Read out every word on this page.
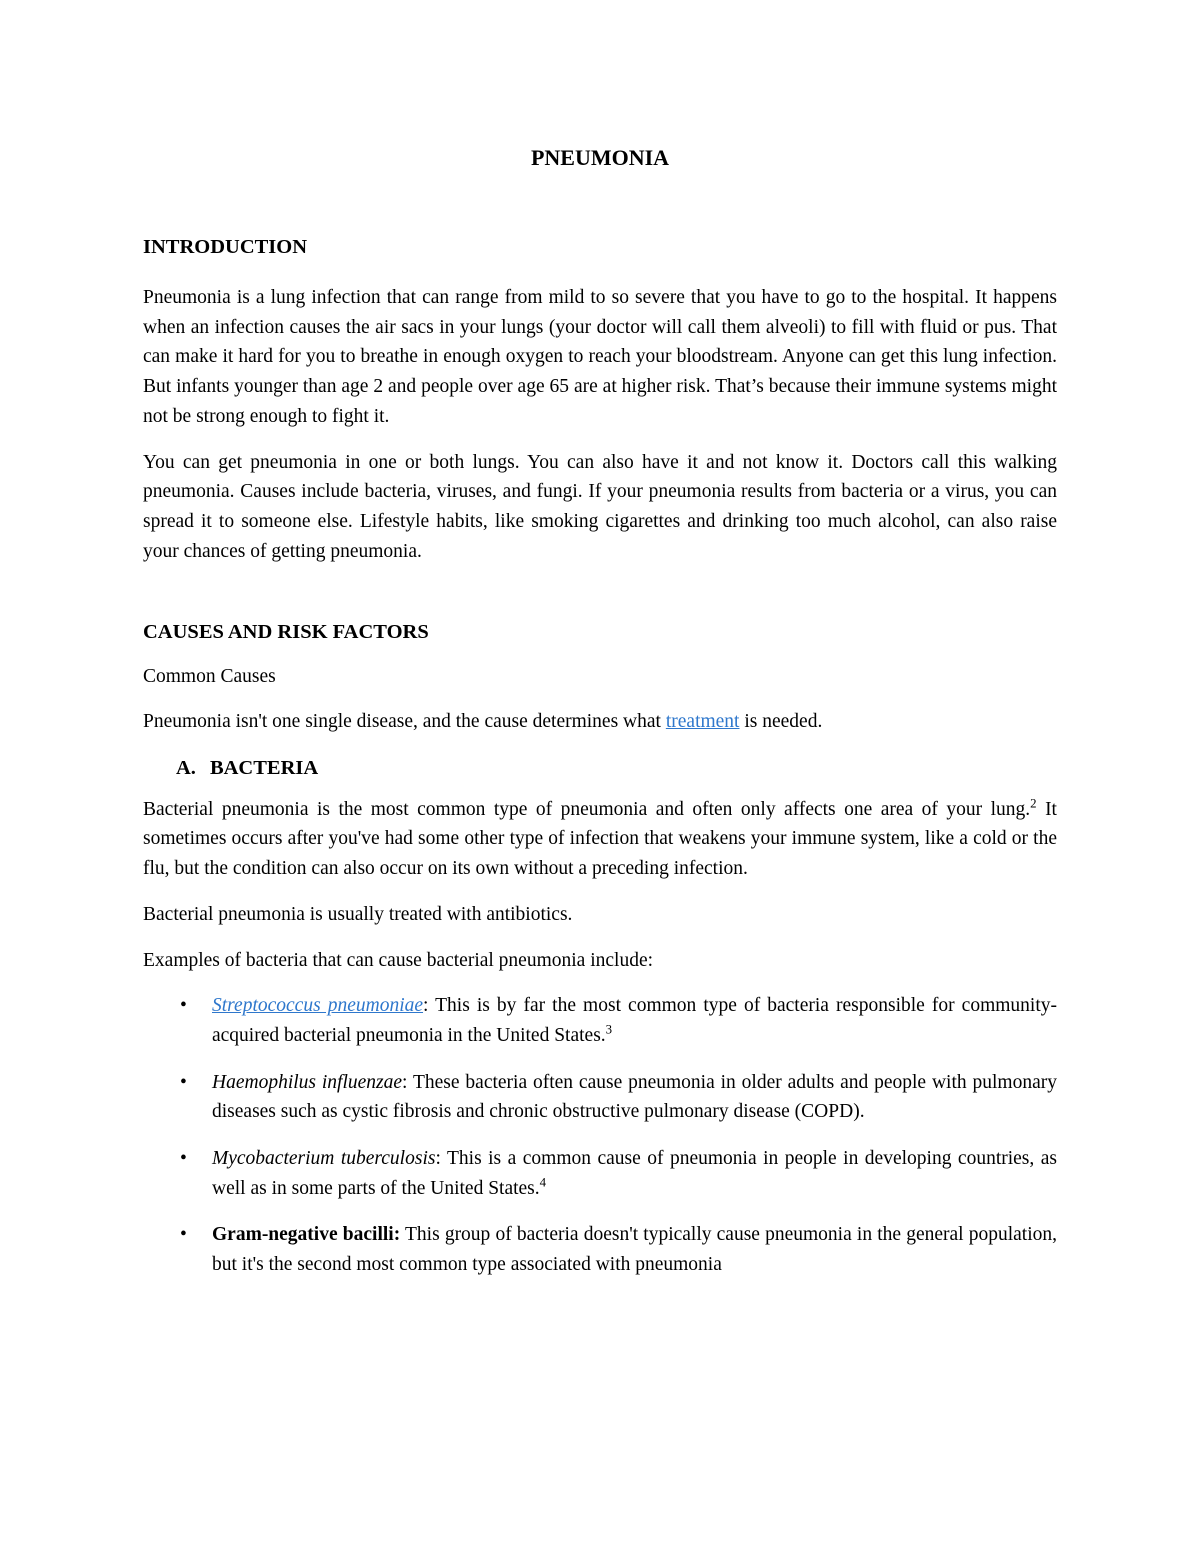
PNEUMONIA
INTRODUCTION

Pneumonia is a lung infection that can range from mild to so severe that you have to go to the hospital. It happens when an infection causes the air sacs in your lungs (your doctor will call them alveoli) to fill with fluid or pus. That can make it hard for you to breathe in enough oxygen to reach your bloodstream. Anyone can get this lung infection. But infants younger than age 2 and people over age 65 are at higher risk. That’s because their immune systems might not be strong enough to fight it.

You can get pneumonia in one or both lungs. You can also have it and not know it. Doctors call this walking pneumonia. Causes include bacteria, viruses, and fungi. If your pneumonia results from bacteria or a virus, you can spread it to someone else. Lifestyle habits, like smoking cigarettes and drinking too much alcohol, can also raise your chances of getting pneumonia.

CAUSES AND RISK FACTORS

Common Causes

Pneumonia isn't one single disease, and the cause determines what treatment is needed.

A. BACTERIA

Bacterial pneumonia is the most common type of pneumonia and often only affects one area of your lung.$^2$ It sometimes occurs after you've had some other type of infection that weakens your immune system, like a cold or the flu, but the condition can also occur on its own without a preceding infection.

Bacterial pneumonia is usually treated with antibiotics.

Examples of bacteria that can cause bacterial pneumonia include:

• Streptococcus pneumoniae: This is by far the most common type of bacteria responsible for community-acquired bacterial pneumonia in the United States.$^3$
• Haemophilus influenzae: These bacteria often cause pneumonia in older adults and people with pulmonary diseases such as cystic fibrosis and chronic obstructive pulmonary disease (COPD).
• Mycobacterium tuberculosis: This is a common cause of pneumonia in people in developing countries, as well as in some parts of the United States.$^4$
• Gram-negative bacilli: This group of bacteria doesn't typically cause pneumonia in the general population, but it's the second most common type associated with pneumonia
